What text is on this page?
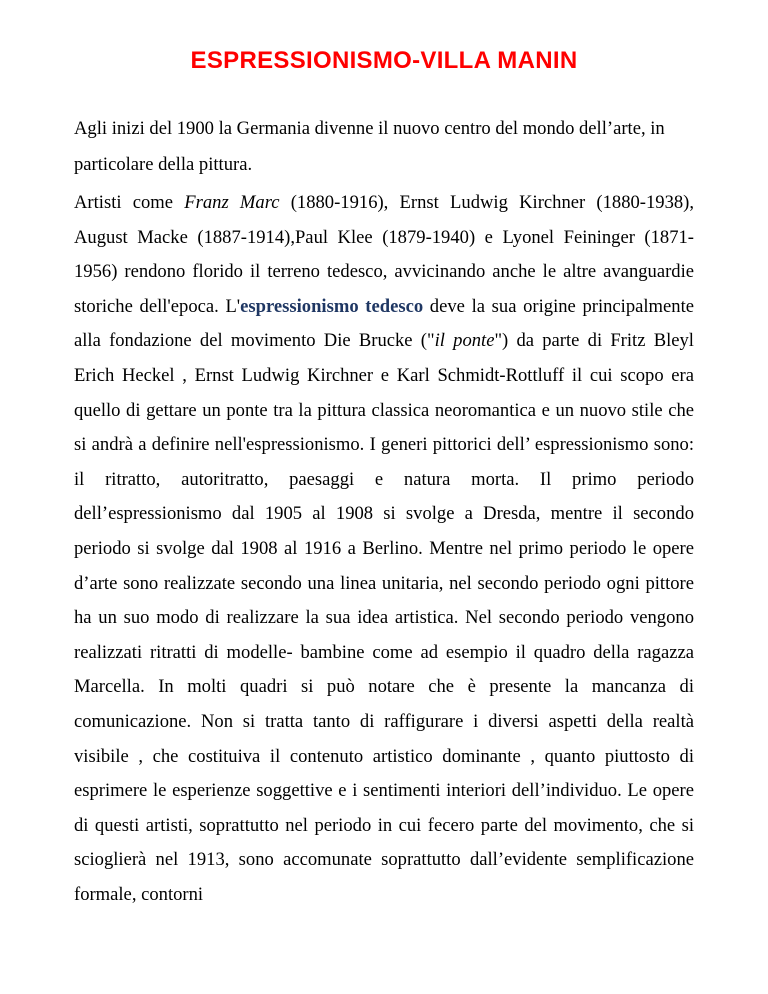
ESPRESSIONISMO-VILLA MANIN

Agli inizi del 1900 la Germania divenne il nuovo centro del mondo dell’arte, in particolare della pittura.

Artisti come Franz Marc (1880-1916), Ernst Ludwig Kirchner (1880-1938), August Macke (1887-1914),Paul Klee (1879-1940) e Lyonel Feininger (1871-1956) rendono florido il terreno tedesco, avvicinando anche le altre avanguardie storiche dell'epoca. L'espressionismo tedesco deve la sua origine principalmente alla fondazione del movimento Die Brucke ("il ponte") da parte di Fritz Bleyl Erich Heckel , Ernst Ludwig Kirchner e Karl Schmidt-Rottluff il cui scopo era quello di gettare un ponte tra la pittura classica neoromantica e un nuovo stile che si andrà a definire nell'espressionismo. I generi pittorici dell’ espressionismo sono: il ritratto, autoritratto, paesaggi e natura morta. Il primo periodo dell’espressionismo dal 1905 al 1908 si svolge a Dresda, mentre il secondo periodo si svolge dal 1908 al 1916 a Berlino. Mentre nel primo periodo le opere d’arte sono realizzate secondo una linea unitaria, nel secondo periodo ogni pittore ha un suo modo di realizzare la sua idea artistica. Nel secondo periodo vengono realizzati ritratti di modelle- bambine come ad esempio il quadro della ragazza Marcella. In molti quadri si può notare che è presente la mancanza di comunicazione. Non si tratta tanto di raffigurare i diversi aspetti della realtà visibile , che costituiva il contenuto artistico dominante , quanto piuttosto di esprimere le esperienze soggettive e i sentimenti interiori dell’individuo. Le opere di questi artisti, soprattutto nel periodo in cui fecero parte del movimento, che si scioglierà nel 1913, sono accomunate soprattutto dall’evidente semplificazione formale, contorni
